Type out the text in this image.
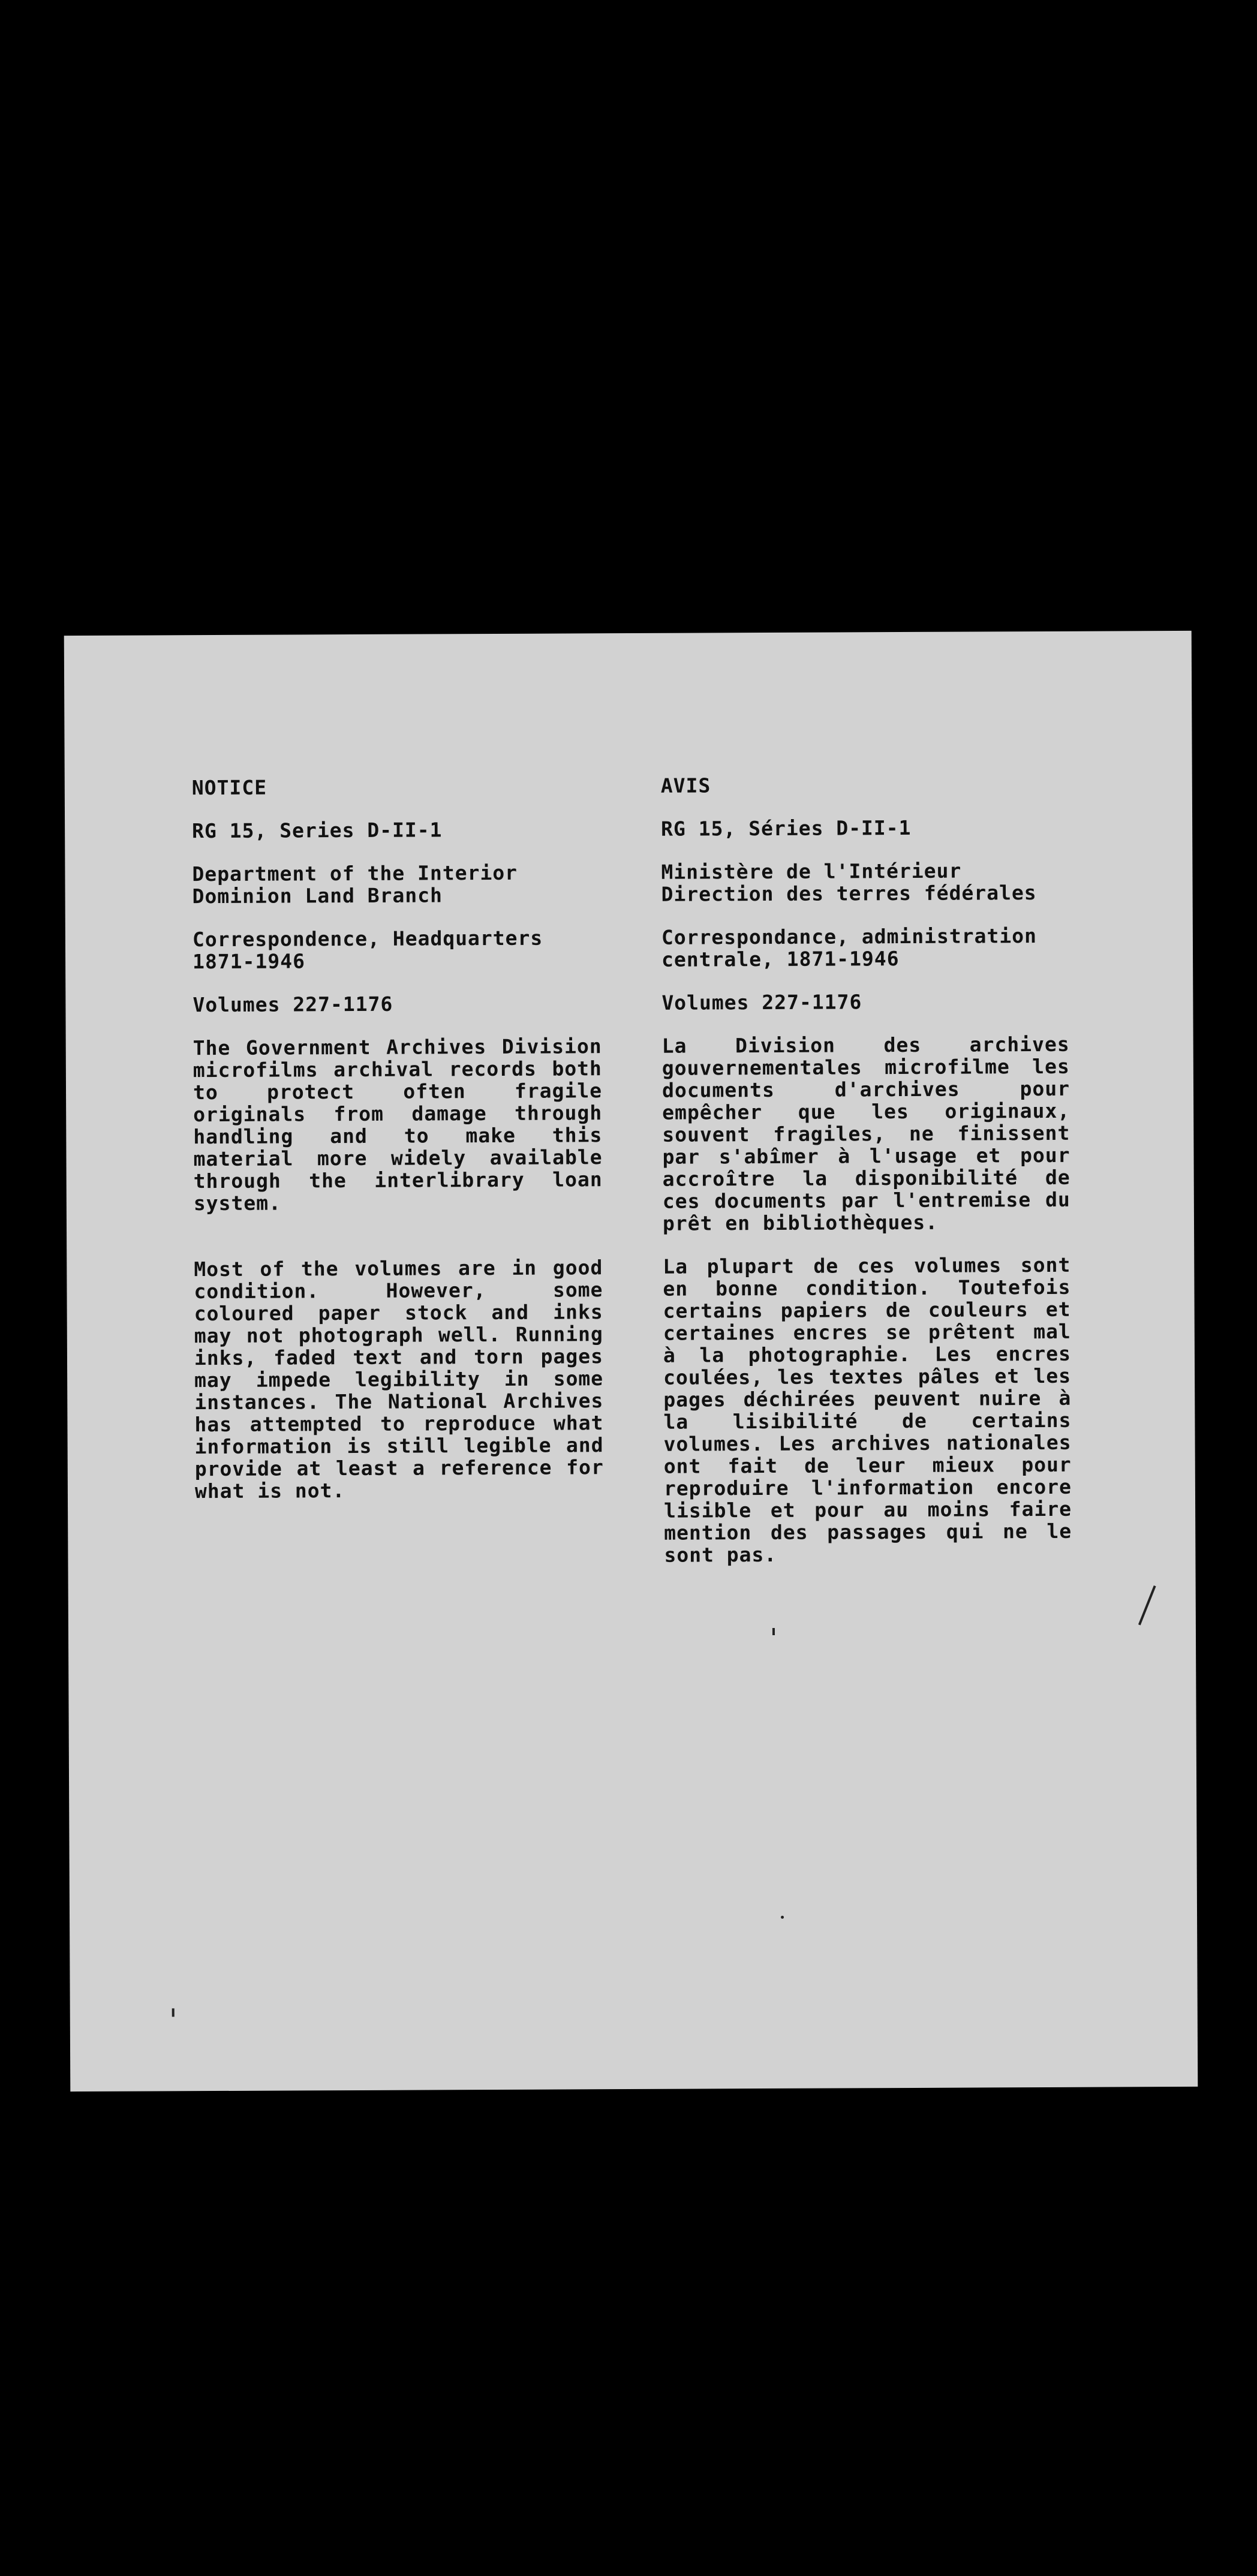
NOTICE

RG 15, Series D-II-1

Department of the Interior
Dominion Land Branch

Correspondence, Headquarters
1871-1946

Volumes 227-1176

The Government Archives Division microfilms archival records both to protect often fragile originals from damage through handling and to make this material more widely available through the interlibrary loan system.

Most of the volumes are in good condition. However, some coloured paper stock and inks may not photograph well. Running inks, faded text and torn pages may impede legibility in some instances. The National Archives has attempted to reproduce what information is still legible and provide at least a reference for what is not.

AVIS

RG 15, Séries D-II-1

Ministère de l'Intérieur
Direction des terres fédérales

Correspondance, administration
centrale, 1871-1946

Volumes 227-1176

La Division des archives gouvernementales microfilme les documents d'archives pour empêcher que les originaux, souvent fragiles, ne finissent par s'abîmer à l'usage et pour accroître la disponibilité de ces documents par l'entremise du prêt en bibliothèques.

La plupart de ces volumes sont en bonne condition. Toutefois certains papiers de couleurs et certaines encres se prêtent mal à la photographie. Les encres coulées, les textes pâles et les pages déchirées peuvent nuire à la lisibilité de certains volumes. Les archives nationales ont fait de leur mieux pour reproduire l'information encore lisible et pour au moins faire mention des passages qui ne le sont pas.
